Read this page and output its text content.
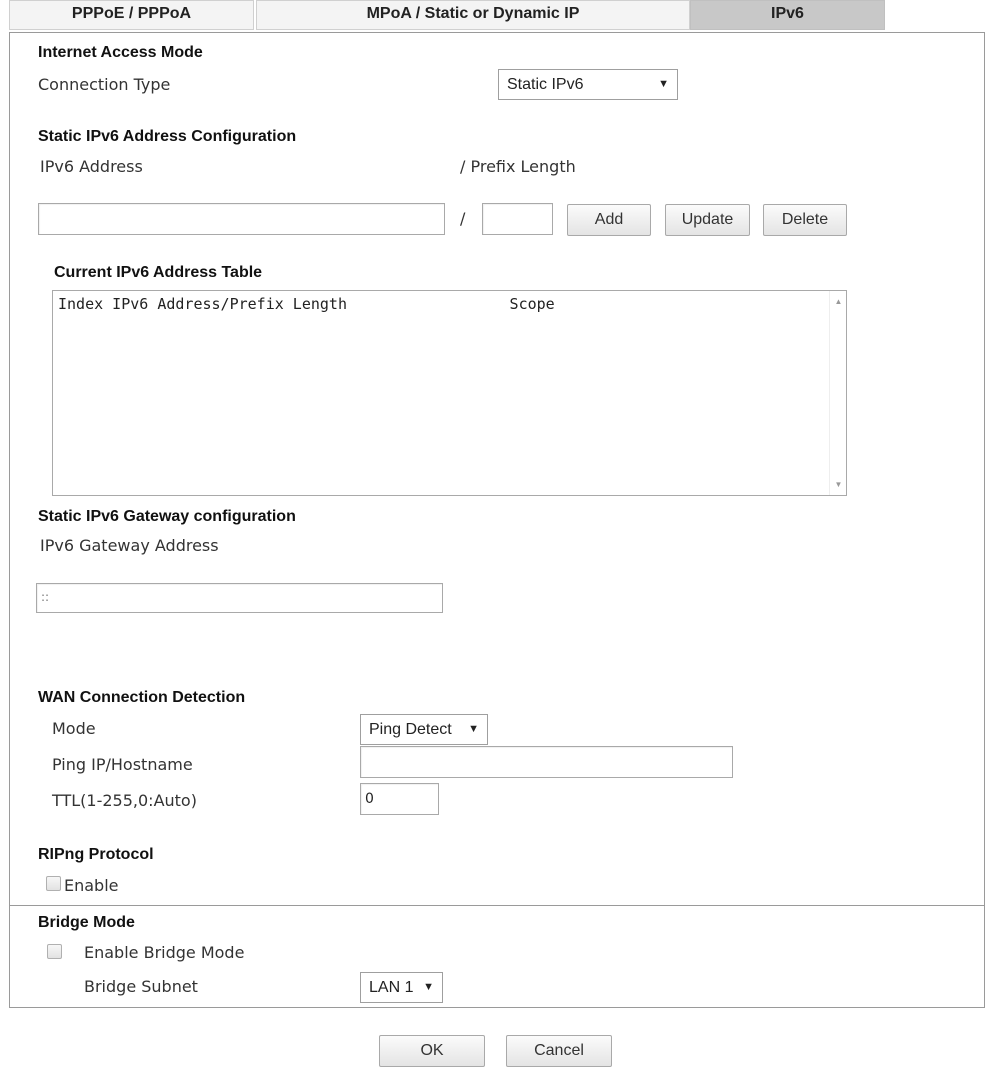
PPPoE / PPPoA	MPoA / Static or Dynamic IP	IPv6
Internet Access Mode
Connection Type	Static IPv6	▼
Static IPv6 Address Configuration
IPv6 Address	/ Prefix Length
/	Add	Update	Delete
Current IPv6 Address Table
Index IPv6 Address/Prefix Length                  Scope	▲
▼
Static IPv6 Gateway configuration
IPv6 Gateway Address
::
WAN Connection Detection
Mode	Ping Detect ▼
Ping IP/Hostname
TTL(1-255,0:Auto)	0
RIPng Protocol
Enable
Bridge Mode
Enable Bridge Mode
Bridge Subnet	LAN 1 ▼
OK	Cancel
